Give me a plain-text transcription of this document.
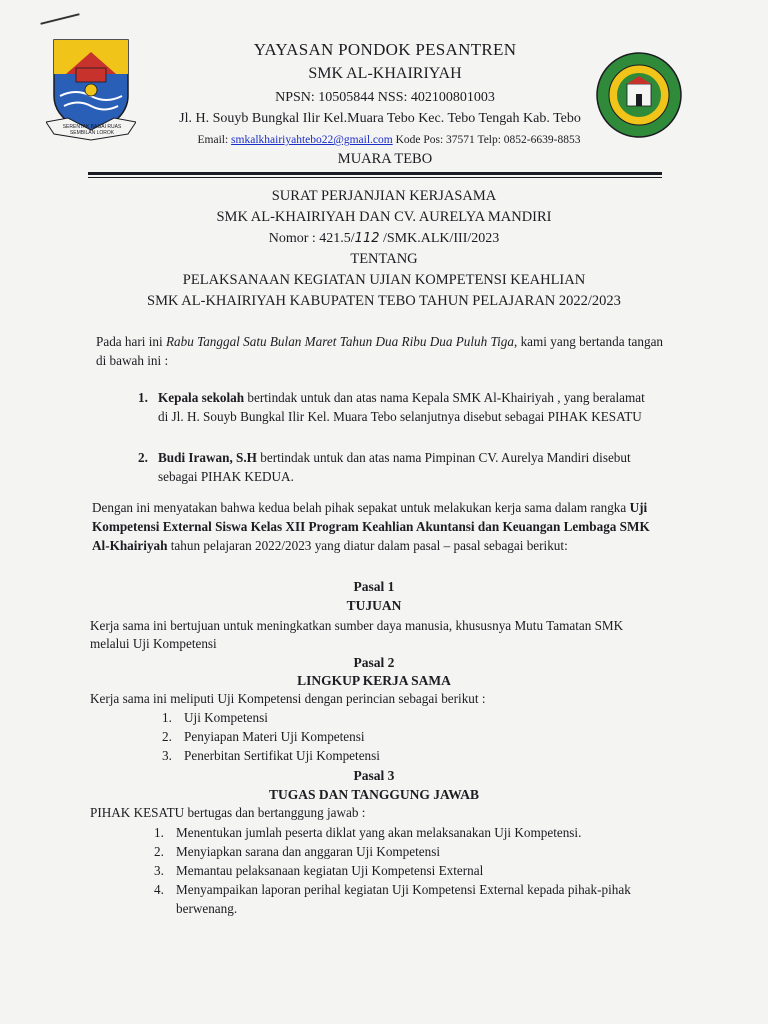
SERENTAK BAGAI RUAS SEMBILAN LOROK
YAYASAN PONDOK PESANTREN
SMK AL-KHAIRIYAH
NPSN: 10505844 NSS: 402100801003
Jl. H. Souyb Bungkal Ilir Kel.Muara Tebo Kec. Tebo Tengah Kab. Tebo
Email: smkalkhairiyahtebo22@gmail.com Kode Pos: 37571 Telp: 0852-6639-8853
MUARA TEBO
SURAT PERJANJIAN KERJASAMA
SMK AL-KHAIRIYAH DAN CV. AURELYA MANDIRI
Nomor : 421.5/112 /SMK.ALK/III/2023
TENTANG
PELAKSANAAN KEGIATAN UJIAN KOMPETENSI KEAHLIAN
SMK AL-KHAIRIYAH KABUPATEN TEBO TAHUN PELAJARAN 2022/2023
Pada hari ini Rabu Tanggal Satu Bulan Maret Tahun Dua Ribu Dua Puluh Tiga, kami yang bertanda tangan di bawah ini :
1. Kepala sekolah bertindak untuk dan atas nama Kepala SMK Al-Khairiyah , yang beralamat di Jl. H. Souyb Bungkal Ilir Kel. Muara Tebo selanjutnya disebut sebagai PIHAK KESATU
2. Budi Irawan, S.H bertindak untuk dan atas nama Pimpinan CV. Aurelya Mandiri disebut sebagai PIHAK KEDUA.
Dengan ini menyatakan bahwa kedua belah pihak sepakat untuk melakukan kerja sama dalam rangka Uji Kompetensi External Siswa Kelas XII Program Keahlian Akuntansi dan Keuangan Lembaga SMK Al-Khairiyah tahun pelajaran 2022/2023 yang diatur dalam pasal – pasal sebagai berikut:
Pasal 1
TUJUAN
Kerja sama ini bertujuan untuk meningkatkan sumber daya manusia, khususnya Mutu Tamatan SMK melalui Uji Kompetensi
Pasal 2
LINGKUP KERJA SAMA
Kerja sama ini meliputi Uji Kompetensi dengan perincian sebagai berikut :
1. Uji Kompetensi
2. Penyiapan Materi Uji Kompetensi
3. Penerbitan Sertifikat Uji Kompetensi
Pasal 3
TUGAS DAN TANGGUNG JAWAB
PIHAK KESATU bertugas dan bertanggung jawab :
1. Menentukan jumlah peserta diklat yang akan melaksanakan Uji Kompetensi.
2. Menyiapkan sarana dan anggaran Uji Kompetensi
3. Memantau pelaksanaan kegiatan Uji Kompetensi External
4. Menyampaikan laporan perihal kegiatan Uji Kompetensi External kepada pihak-pihak berwenang.
